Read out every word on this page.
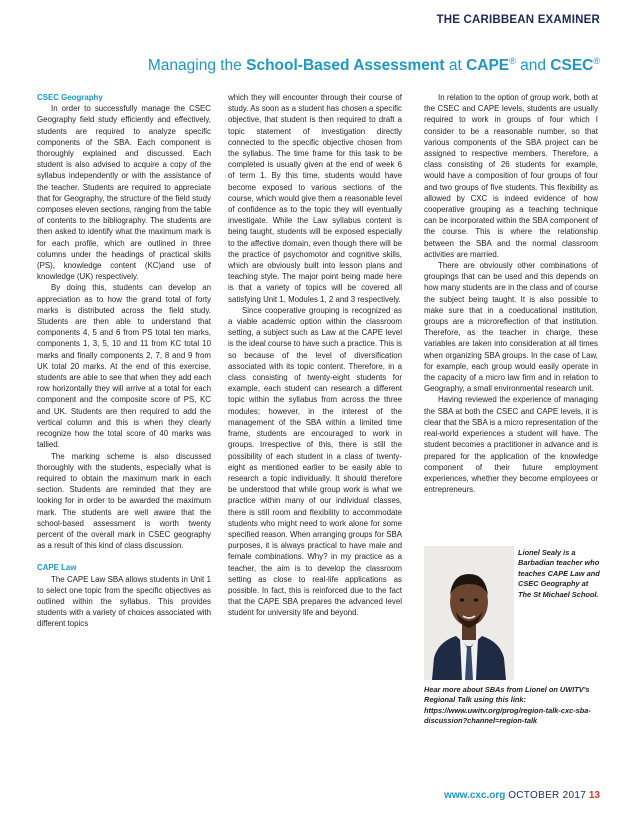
THE CARIBBEAN EXAMINER
Managing the School-Based Assessment at CAPE® and CSEC®
CSEC Geography

In order to successfully manage the CSEC Geography field study efficiently and effectively, students are required to analyze specific components of the SBA. Each component is thoroughly explained and discussed. Each student is also advised to acquire a copy of the syllabus independently or with the assistance of the teacher. Students are required to appreciate that for Geography, the structure of the field study composes eleven sections, ranging from the table of contents to the bibliography. The students are then asked to identify what the maximum mark is for each profile, which are outlined in three columns under the headings of practical skills (PS), knowledge content (KC)and use of knowledge (UK) respectively.

By doing this, students can develop an appreciation as to how the grand total of forty marks is distributed across the field study. Students are then able to understand that components 4, 5 and 6 from PS total ten marks, components 1, 3, 5, 10 and 11 from KC total 10 marks and finally components 2, 7, 8 and 9 from UK total 20 marks. At the end of this exercise, students are able to see that when they add each row horizontally they will arrive at a total for each component and the composite score of PS, KC and UK. Students are then required to add the vertical column and this is when they clearly recognize how the total score of 40 marks was tallied.

The marking scheme is also discussed thoroughly with the students, especially what is required to obtain the maximum mark in each section. Students are reminded that they are looking for in order to be awarded the maximum mark. The students are well aware that the school-based assessment is worth twenty percent of the overall mark in CSEC geography as a result of this kind of class discussion.

CAPE Law

The CAPE Law SBA allows students in Unit 1 to select one topic from the specific objectives as outlined within the syllabus. This provides students with a variety of choices associated with different topics

which they will encounter through their course of study. As soon as a student has chosen a specific objective, that student is then required to draft a topic statement of investigation directly connected to the specific objective chosen from the syllabus. The time frame for this task to be completed is usually given at the end of week 6 of term 1. By this time, students would have become exposed to various sections of the course, which would give them a reasonable level of confidence as to the topic they will eventually investigate. While the Law syllabus content is being taught, students will be exposed especially to the affective domain, even though there will be the practice of psychomotor and cognitive skills, which are obviously built into lesson plans and teaching style. The major point being made here is that a variety of topics will be covered all satisfying Unit 1, Modules 1, 2 and 3 respectively.

Since cooperative grouping is recognized as a viable academic option within the classroom setting, a subject such as Law at the CAPE level is the ideal course to have such a practice. This is so because of the level of diversification associated with its topic content. Therefore, in a class consisting of twenty-eight students for example, each student can research a different topic within the syllabus from across the three modules; however, in the interest of the management of the SBA within a limited time frame, students are encouraged to work in groups. Irrespective of this, there is still the possibility of each student in a class of twenty-eight as mentioned earlier to be easily able to research a topic individually. It should therefore be understood that while group work is what we practice within many of our individual classes, there is still room and flexibility to accommodate students who might need to work alone for some specified reason. When arranging groups for SBA purposes, it is always practical to have male and female combinations. Why? in my practice as a teacher, the aim is to develop the classroom setting as close to real-life applications as possible. In fact, this is reinforced due to the fact that the CAPE SBA prepares the advanced level student for university life and beyond.

In relation to the option of group work, both at the CSEC and CAPE levels, students are usually required to work in groups of four which I consider to be a reasonable number, so that various components of the SBA project can be assigned to respective members. Therefore, a class consisting of 26 students for example, would have a composition of four groups of four and two groups of five students. This flexibility as allowed by CXC is indeed evidence of how cooperative grouping as a teaching technique can be incorporated within the SBA component of the course. This is where the relationship between the SBA and the normal classroom activities are married.

There are obviously other combinations of groupings that can be used and this depends on how many students are in the class and of course the subject being taught. It is also possible to make sure that in a coeducational institution, groups are a microreflection of that institution. Therefore, as the teacher in charge, these variables are taken into consideration at all times when organizing SBA groups. In the case of Law, for example, each group would easily operate in the capacity of a micro law firm and in relation to Geography, a small environmental research unit.

Having reviewed the experience of managing the SBA at both the CSEC and CAPE levels, it is clear that the SBA is a micro representation of the real-world experiences a student will have. The student becomes a practitioner in advance and is prepared for the application of the knowledge component of their future employment experiences, whether they become employees or entrepreneurs.

Lionel Sealy is a Barbadian teacher who teaches CAPE Law and CSEC Geography at The St Michael School.
Hear more about SBAs from Lionel on UWITV's Regional Talk using this link: https://www.uwitv.org/prog/region-talk-cxc-sba-discussion?channel=region-talk
www.cxc.org OCTOBER 2017 13
